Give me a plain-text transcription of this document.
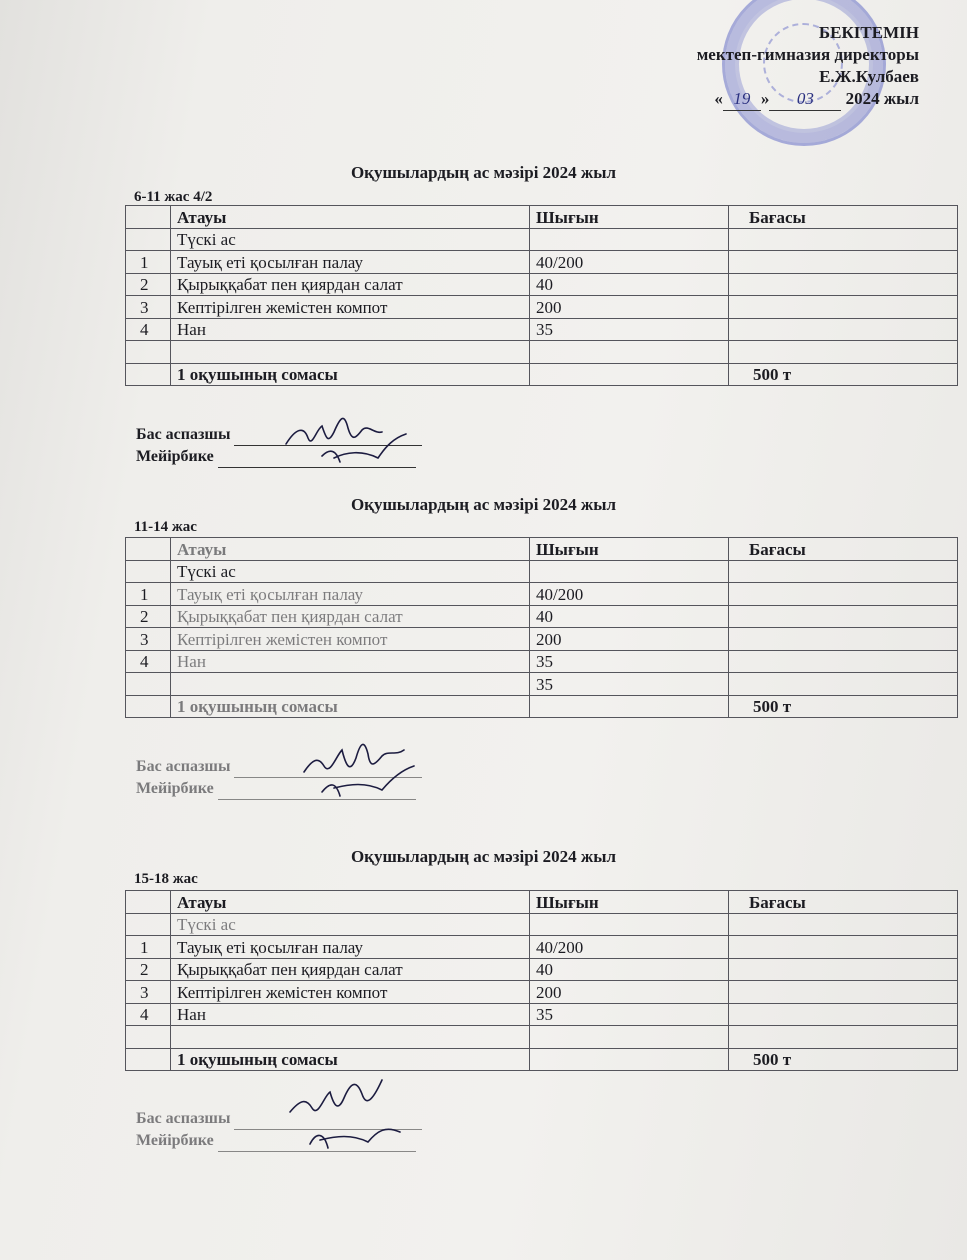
БЕКІТЕМІН
мектеп-гимназия директоры
Е.Ж.Кулбаев
« 19 » 03 2024 жыл
Оқушылардың ас мәзірі 2024 жыл
6-11 жас 4/2
	Атауы	Шығын	Бағасы
	Түскі ас		
1	Тауық еті қосылған палау	40/200	
2	Қырыққабат пен қиярдан салат	40	
3	Кептірілген жемістен компот	200	
4	Нан	35	

	1 оқушының сомасы		500 т
Бас аспазшы
Мейірбике
Оқушылардың ас мәзірі 2024 жыл
11-14 жас
	Атауы	Шығын	Бағасы
	Түскі ас		
1	Тауық еті қосылған палау	40/200	
2	Қырыққабат пен қиярдан салат	40	
3	Кептірілген жемістен компот	200	
4	Нан	35	
		35	
	1 оқушының сомасы		500 т
Бас аспазшы
Мейірбике
Оқушылардың ас мәзірі 2024 жыл
15-18 жас
	Атауы	Шығын	Бағасы
	Түскі ас		
1	Тауық еті қосылған палау	40/200	
2	Қырыққабат пен қиярдан салат	40	
3	Кептірілген жемістен компот	200	
4	Нан	35	

	1 оқушының сомасы		500 т
Бас аспазшы
Мейірбике
